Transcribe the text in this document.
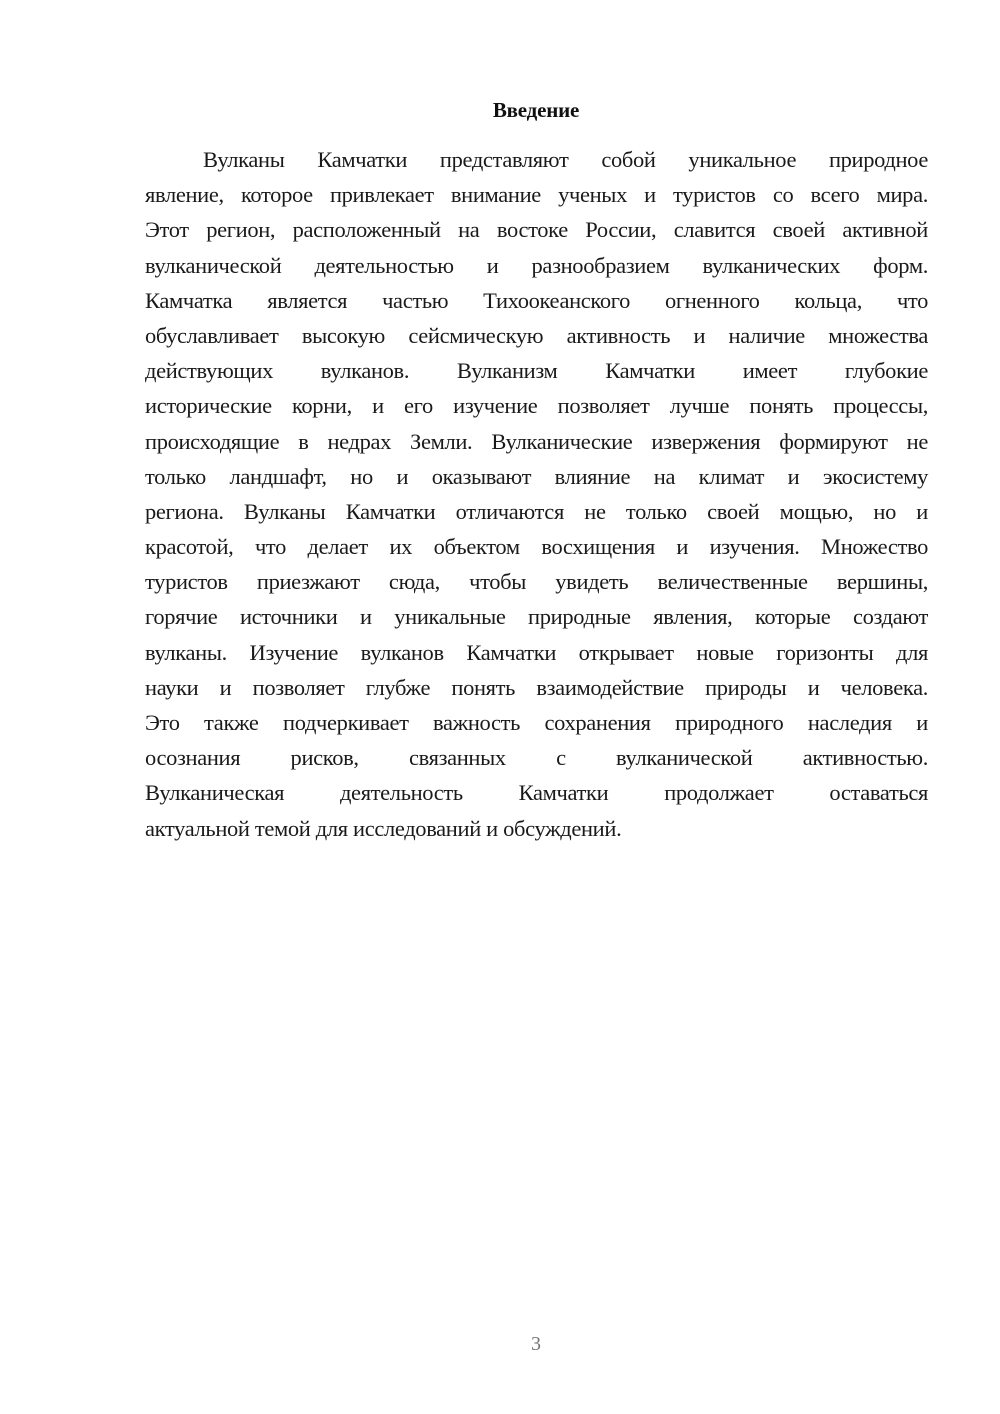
Введение
Вулканы Камчатки представляют собой уникальное природное
явление, которое привлекает внимание ученых и туристов со всего мира.
Этот регион, расположенный на востоке России, славится своей активной
вулканической деятельностью и разнообразием вулканических форм.
Камчатка является частью Тихоокеанского огненного кольца, что
обуславливает высокую сейсмическую активность и наличие множества
действующих вулканов. Вулканизм Камчатки имеет глубокие
исторические корни, и его изучение позволяет лучше понять процессы,
происходящие в недрах Земли. Вулканические извержения формируют не
только ландшафт, но и оказывают влияние на климат и экосистему
региона. Вулканы Камчатки отличаются не только своей мощью, но и
красотой, что делает их объектом восхищения и изучения. Множество
туристов приезжают сюда, чтобы увидеть величественные вершины,
горячие источники и уникальные природные явления, которые создают
вулканы. Изучение вулканов Камчатки открывает новые горизонты для
науки и позволяет глубже понять взаимодействие природы и человека.
Это также подчеркивает важность сохранения природного наследия и
осознания рисков, связанных с вулканической активностью.
Вулканическая деятельность Камчатки продолжает оставаться
актуальной темой для исследований и обсуждений.
3
